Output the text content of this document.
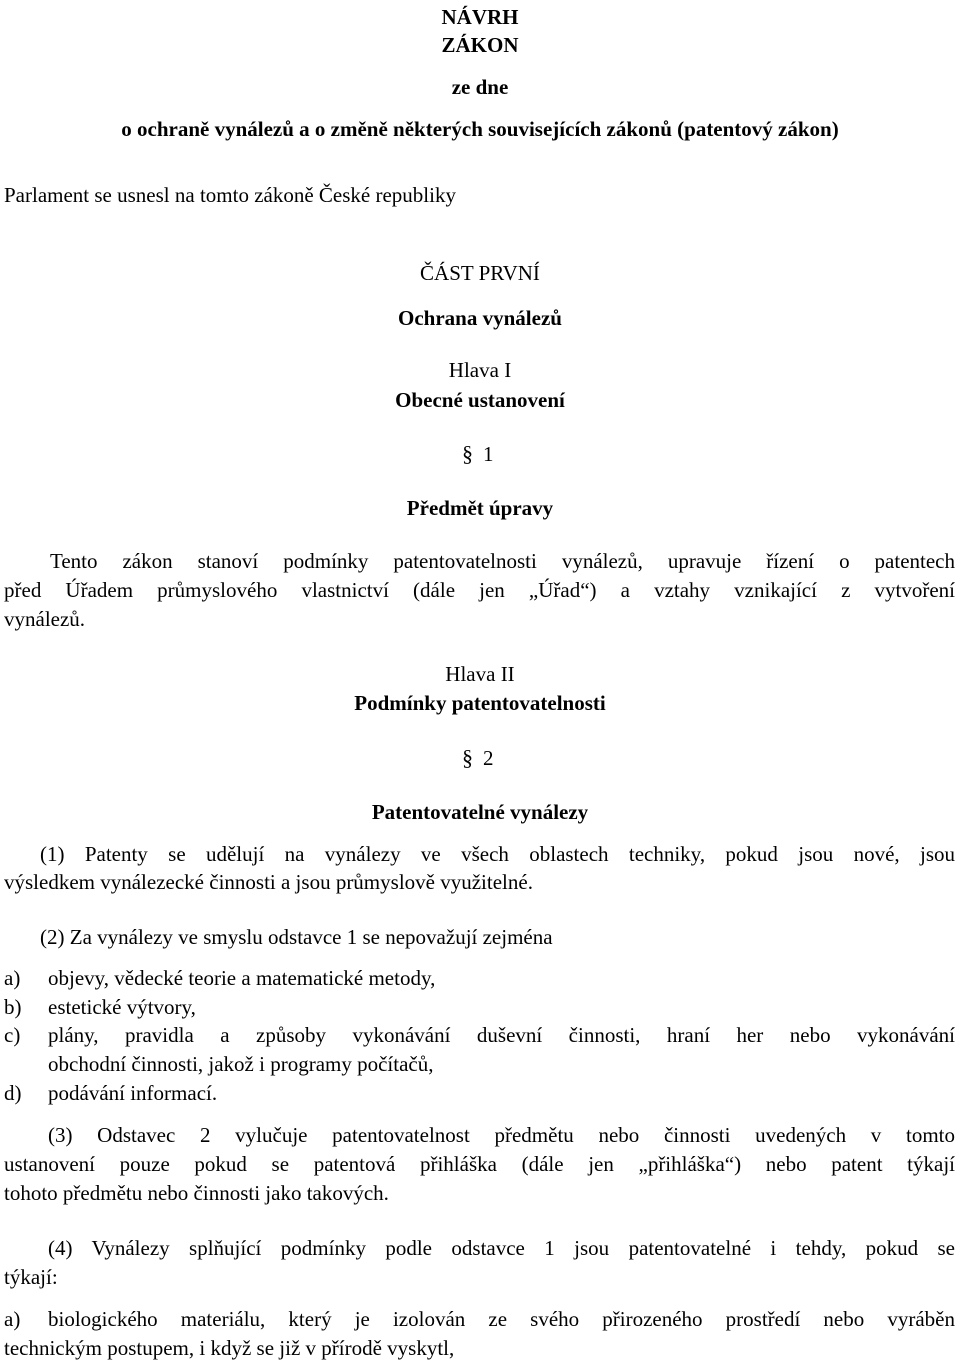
NÁVRH
ZÁKON
ze dne
o ochraně vynálezů a o změně některých souvisejících zákonů (patentový zákon)
Parlament se usnesl na tomto zákoně České republiky
ČÁST PRVNÍ
Ochrana vynálezů
Hlava I
Obecné ustanovení
§ 1
Předmět úpravy
Tento zákon stanoví podmínky patentovatelnosti vynálezů, upravuje řízení o patentech
před Úřadem průmyslového vlastnictví (dále jen „Úřad“) a vztahy vznikající z vytvoření
vynálezů.
Hlava II
Podmínky patentovatelnosti
§ 2
Patentovatelné vynálezy
(1) Patenty se udělují na vynálezy ve všech oblastech techniky, pokud jsou nové, jsou
výsledkem vynálezecké činnosti a jsou průmyslově využitelné.
(2) Za vynálezy ve smyslu odstavce 1 se nepovažují zejména
a)	objevy, vědecké teorie a matematické metody,
b)	estetické výtvory,
c)	plány, pravidla a způsoby vykonávání duševní činnosti, hraní her nebo vykonávání
obchodní činnosti, jakož i programy počítačů,
d)	podávání informací.
(3) Odstavec 2 vylučuje patentovatelnost předmětu nebo činnosti uvedených v tomto
ustanovení pouze pokud se patentová přihláška (dále jen „přihláška“) nebo patent týkají
tohoto předmětu nebo činnosti jako takových.
(4) Vynálezy splňující podmínky podle odstavce 1 jsou patentovatelné i tehdy, pokud se
týkají:
a)	biologického materiálu, který je izolován ze svého přirozeného prostředí nebo vyráběn
technickým postupem, i když se již v přírodě vyskytl,
